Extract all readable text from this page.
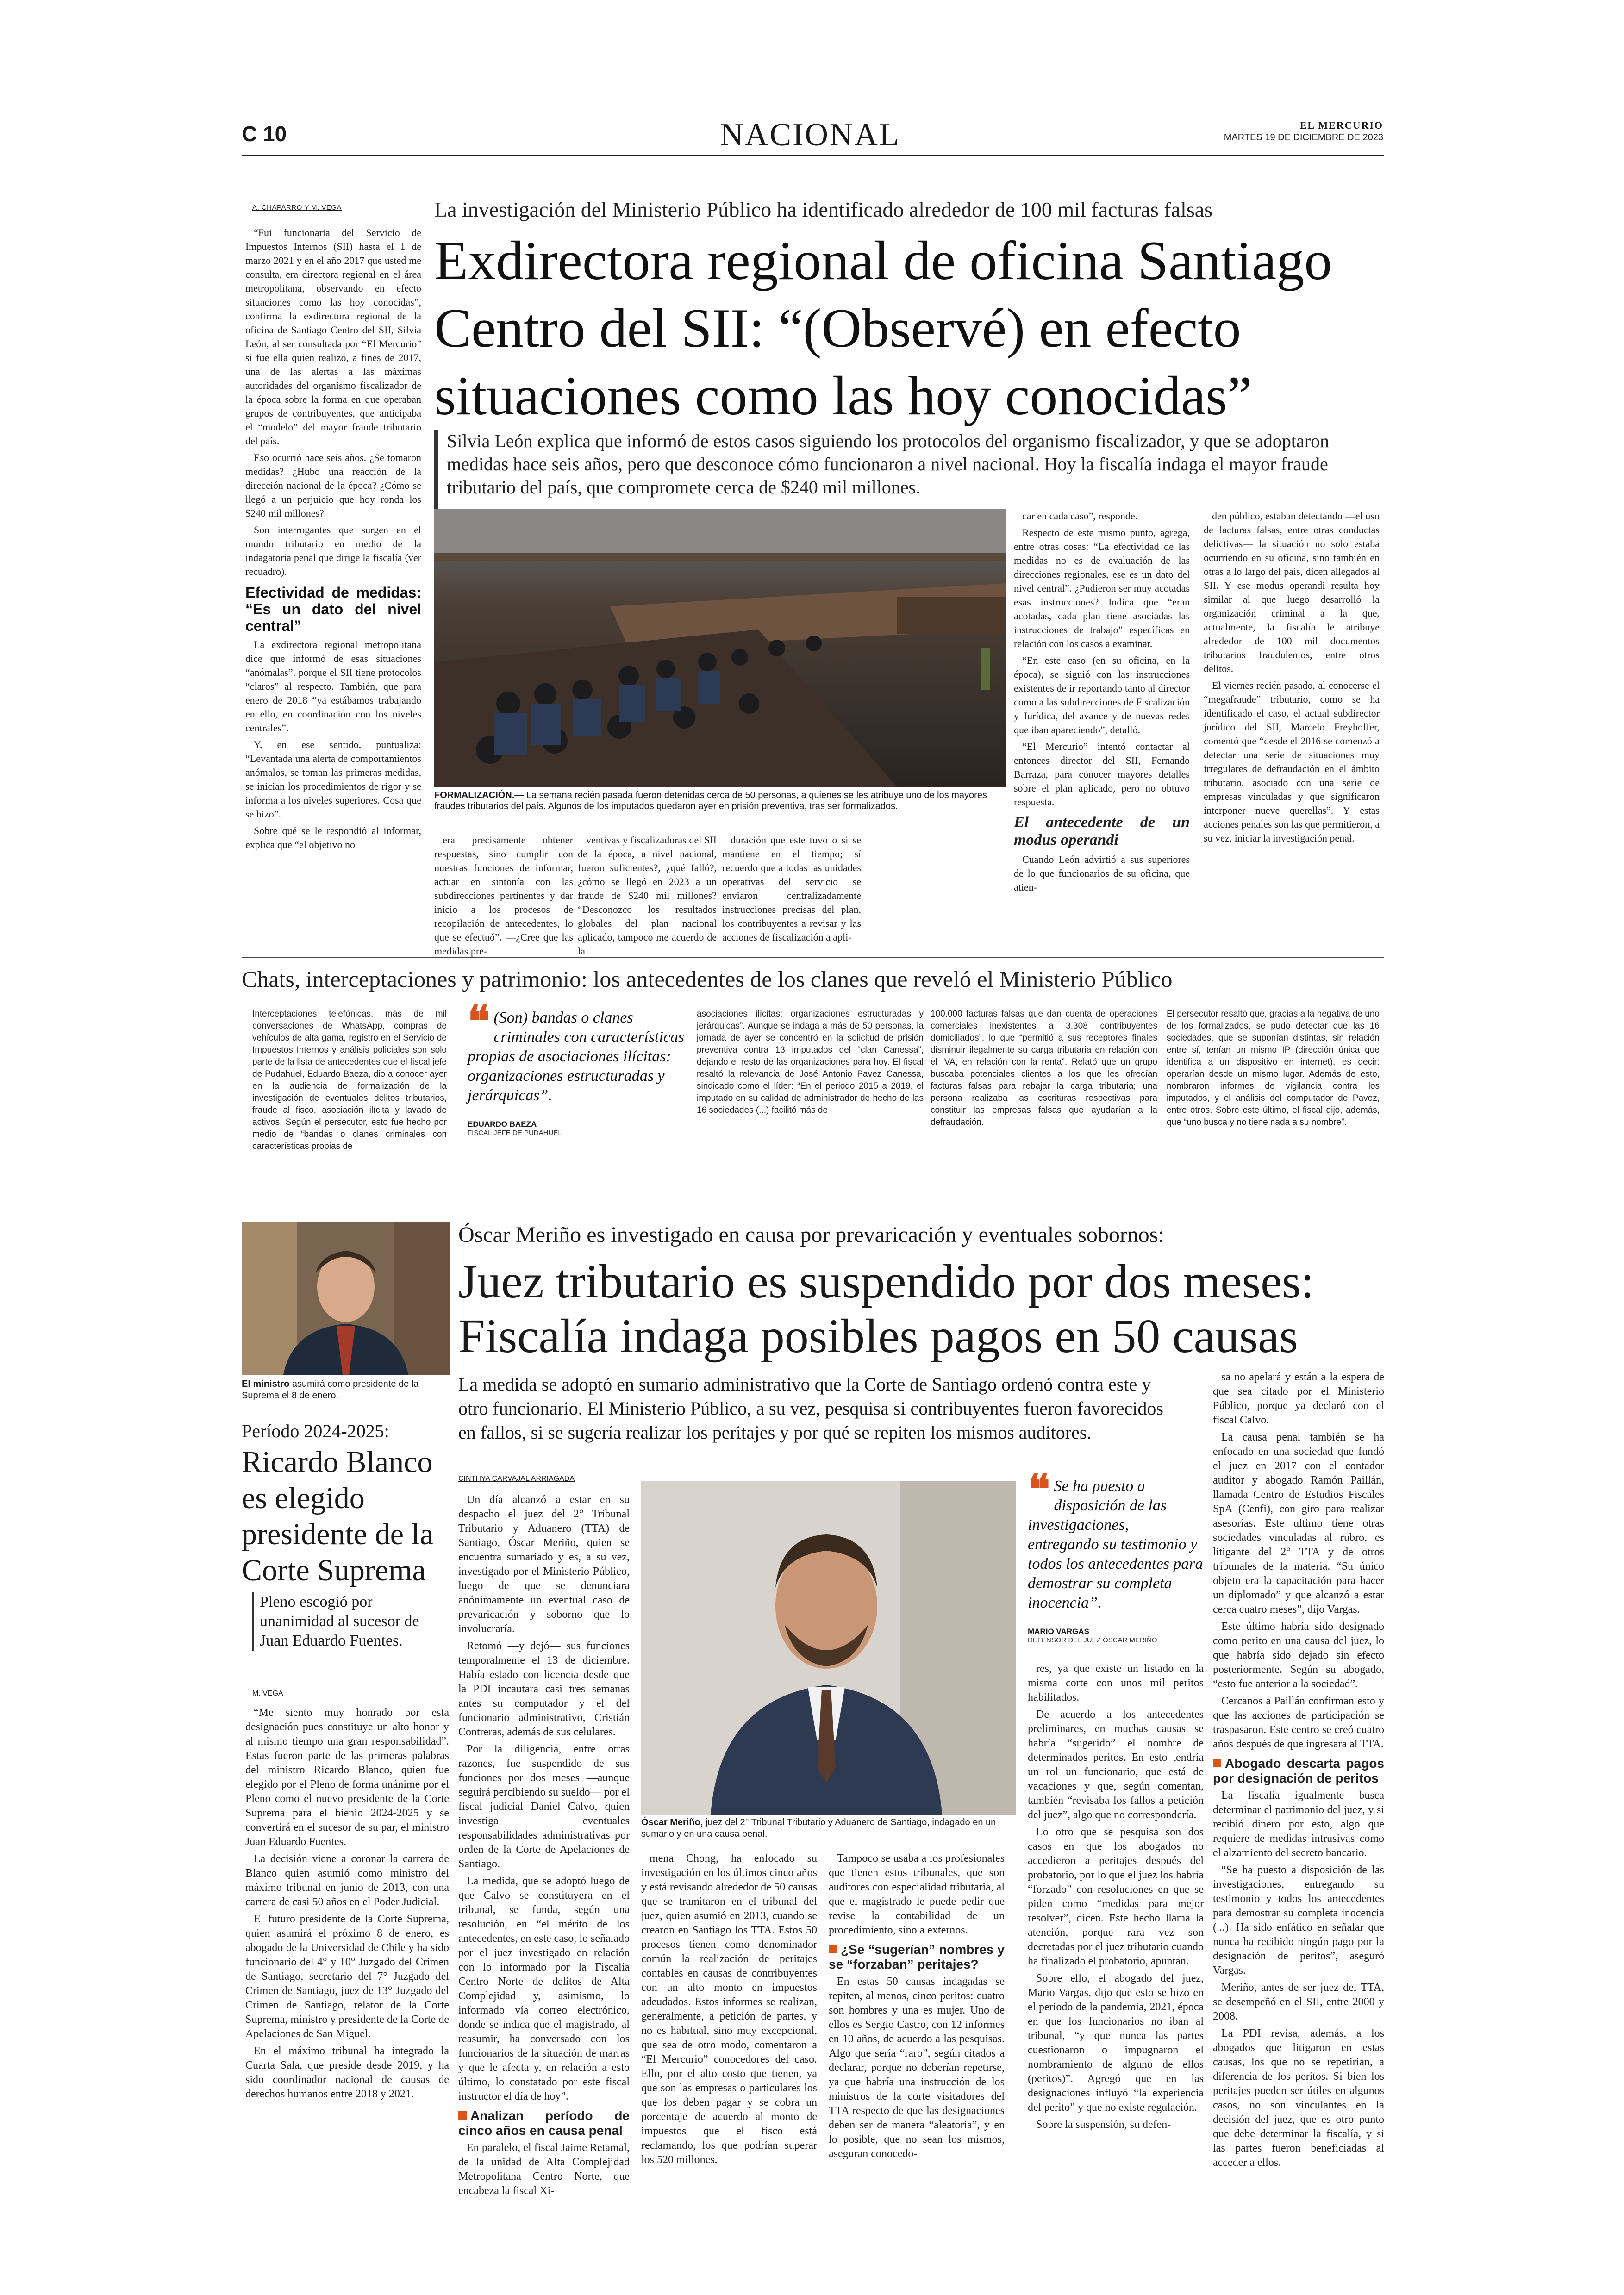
C 10	NACIONAL	EL MERCURIO
MARTES 19 DE DICIEMBRE DE 2023
A. CHAPARRO Y M. VEGA	La investigación del Ministerio Público ha identificado alrededor de 100 mil facturas falsas
Exdirectora regional de oficina Santiago Centro del SII: “(Observé) en efecto situaciones como las hoy conocidas”
Silvia León explica que informó de estos casos siguiendo los protocolos del organismo fiscalizador, y que se adoptaron medidas hace seis años, pero que desconoce cómo funcionaron a nivel nacional. Hoy la fiscalía indaga el mayor fraude tributario del país, que compromete cerca de $240 mil millones.

“Fui funcionaria del Servicio de Impuestos Internos (SII) hasta el 1 de marzo 2021 y en el año 2017 que usted me consulta, era directora regional en el área metropolitana, observando en efecto situaciones como las hoy conocidas”, confirma la exdirectora regional de la oficina de Santiago Centro del SII, Silvia León, al ser consultada por “El Mercurio” si fue ella quien realizó, a fines de 2017, una de las alertas a las máximas autoridades del organismo fiscalizador de la época sobre la forma en que operaban grupos de contribuyentes, que anticipaba el “modelo” del mayor fraude tributario del país.

Eso ocurrió hace seis años. ¿Se tomaron medidas? ¿Hubo una reacción de la dirección nacional de la época? ¿Cómo se llegó a un perjuicio que hoy ronda los $240 mil millones?

Son interrogantes que surgen en el mundo tributario en medio de la indagatoria penal que dirige la fiscalía (ver recuadro).

Efectividad de medidas: “Es un dato del nivel central”

La exdirectora regional metropolitana dice que informó de esas situaciones “anómalas”, porque el SII tiene protocolos “claros” al respecto. También, que para enero de 2018 “ya estábamos trabajando en ello, en coordinación con los niveles centrales”.

Y, en ese sentido, puntualiza: “Levantada una alerta de comportamientos anómalos, se toman las primeras medidas, se inician los procedimientos de rigor y se informa a los niveles superiores. Cosa que se hizo”.

Sobre qué se le respondió al informar, explica que “el objetivo no

FORMALIZACIÓN.— La semana recién pasada fueron detenidas cerca de 50 personas, a quienes se les atribuye uno de los mayores fraudes tributarios del país. Algunos de los imputados quedaron ayer en prisión preventiva, tras ser formalizados.

era precisamente obtener respuestas, sino cumplir con nuestras funciones de informar, actuar en sintonía con las subdirecciones pertinentes y dar inicio a los procesos de recopilación de antecedentes, lo que se efectuó”. —¿Cree que las medidas pre-

ventivas y fiscalizadoras del SII de la época, a nivel nacional, fueron suficientes?, ¿qué falló?, ¿cómo se llegó en 2023 a un fraude de $240 mil millones? “Desconozco los resultados globales del plan nacional aplicado, tampoco me acuerdo de la

duración que este tuvo o si se mantiene en el tiempo; sí recuerdo que a todas las unidades operativas del servicio se enviaron centralizadamente instrucciones precisas del plan, los contribuyentes a revisar y las acciones de fiscalización a apli-

car en cada caso”, responde.

Respecto de este mismo punto, agrega, entre otras cosas: “La efectividad de las medidas no es de evaluación de las direcciones regionales, ese es un dato del nivel central”. ¿Pudieron ser muy acotadas esas instrucciones? Indica que “eran acotadas, cada plan tiene asociadas las instrucciones de trabajo” específicas en relación con los casos a examinar.

“En este caso (en su oficina, en la época), se siguió con las instrucciones existentes de ir reportando tanto al director como a las subdirecciones de Fiscalización y Jurídica, del avance y de nuevas redes que iban apareciendo”, detalló.

“El Mercurio” intentó contactar al entonces director del SII, Fernando Barraza, para conocer mayores detalles sobre el plan aplicado, pero no obtuvo respuesta.

El antecedente de un modus operandi

Cuando León advirtió a sus superiores de lo que funcionarios de su oficina, que atien-

den público, estaban detectando —el uso de facturas falsas, entre otras conductas delictivas— la situación no solo estaba ocurriendo en su oficina, sino también en otras a lo largo del país, dicen allegados al SII. Y ese modus operandi resulta hoy similar al que luego desarrolló la organización criminal a la que, actualmente, la fiscalía le atribuye alrededor de 100 mil documentos tributarios fraudulentos, entre otros delitos.

El viernes recién pasado, al conocerse el “megafraude” tributario, como se ha identificado el caso, el actual subdirector jurídico del SII, Marcelo Freyhoffer, comentó que “desde el 2016 se comenzó a detectar una serie de situaciones muy irregulares de defraudación en el ámbito tributario, asociado con una serie de empresas vinculadas y que significaron interponer nueve querellas”. Y estas acciones penales son las que permitieron, a su vez, iniciar la investigación penal.

Chats, interceptaciones y patrimonio: los antecedentes de los clanes que reveló el Ministerio Público
Interceptaciones telefónicas, más de mil conversaciones de WhatsApp, compras de vehículos de alta gama, registro en el Servicio de Impuestos Internos y análisis policiales son solo parte de la lista de antecedentes que el fiscal jefe de Pudahuel, Eduardo Baeza, dio a conocer ayer en la audiencia de formalización de la investigación de eventuales delitos tributarios, fraude al fisco, asociación ilícita y lavado de activos. Según el persecutor, esto fue hecho por medio de “bandas o clanes criminales con características propias de
❝ (Son) bandas o clanes criminales con características propias de asociaciones ilícitas: organizaciones estructuradas y jerárquicas”.
EDUARDO BAEZA
FISCAL JEFE DE PUDAHUEL
asociaciones ilícitas: organizaciones estructuradas y jerárquicas”. Aunque se indaga a más de 50 personas, la jornada de ayer se concentró en la solicitud de prisión preventiva contra 13 imputados del “clan Canessa”, dejando el resto de las organizaciones para hoy. El fiscal resaltó la relevancia de José Antonio Pavez Canessa, sindicado como el líder: “En el periodo 2015 a 2019, el imputado en su calidad de administrador de hecho de las 16 sociedades (...) facilitó más de
100.000 facturas falsas que dan cuenta de operaciones comerciales inexistentes a 3.308 contribuyentes domiciliados”, lo que “permitió a sus receptores finales disminuir ilegalmente su carga tributaria en relación con el IVA, en relación con la renta”. Relató que un grupo buscaba potenciales clientes a los que les ofrecían facturas falsas para rebajar la carga tributaria; una persona realizaba las escrituras respectivas para constituir las empresas falsas que ayudarían a la defraudación.
El persecutor resaltó que, gracias a la negativa de uno de los formalizados, se pudo detectar que las 16 sociedades, que se suponían distintas, sin relación entre sí, tenían un mismo IP (dirección única que identifica a un dispositivo en internet), es decir: operarían desde un mismo lugar. Además de esto, nombraron informes de vigilancia contra los imputados, y el análisis del computador de Pavez, entre otros. Sobre este último, el fiscal dijo, además, que “uno busca y no tiene nada a su nombre”.
El ministro asumirá como presidente de la Suprema el 8 de enero.
Período 2024-2025:
Ricardo Blanco es elegido presidente de la Corte Suprema
Pleno escogió por unanimidad al sucesor de Juan Eduardo Fuentes.
M. VEGA

“Me siento muy honrado por esta designación pues constituye un alto honor y al mismo tiempo una gran responsabilidad”. Estas fueron parte de las primeras palabras del ministro Ricardo Blanco, quien fue elegido por el Pleno de forma unánime por el Pleno como el nuevo presidente de la Corte Suprema para el bienio 2024-2025 y se convertirá en el sucesor de su par, el ministro Juan Eduardo Fuentes.

La decisión viene a coronar la carrera de Blanco quien asumió como ministro del máximo tribunal en junio de 2013, con una carrera de casi 50 años en el Poder Judicial.

El futuro presidente de la Corte Suprema, quien asumirá el próximo 8 de enero, es abogado de la Universidad de Chile y ha sido funcionario del 4° y 10° Juzgado del Crimen de Santiago, secretario del 7° Juzgado del Crimen de Santiago, juez de 13° Juzgado del Crimen de Santiago, relator de la Corte Suprema, ministro y presidente de la Corte de Apelaciones de San Miguel.

En el máximo tribunal ha integrado la Cuarta Sala, que preside desde 2019, y ha sido coordinador nacional de causas de derechos humanos entre 2018 y 2021.

Óscar Meriño es investigado en causa por prevaricación y eventuales sobornos:
Juez tributario es suspendido por dos meses: Fiscalía indaga posibles pagos en 50 causas
La medida se adoptó en sumario administrativo que la Corte de Santiago ordenó contra este y otro funcionario. El Ministerio Público, a su vez, pesquisa si contribuyentes fueron favorecidos en fallos, si se sugería realizar los peritajes y por qué se repiten los mismos auditores.
CINTHYA CARVAJAL ARRIAGADA

Un día alcanzó a estar en su despacho el juez del 2° Tribunal Tributario y Aduanero (TTA) de Santiago, Óscar Meriño, quien se encuentra sumariado y es, a su vez, investigado por el Ministerio Público, luego de que se denunciara anónimamente un eventual caso de prevaricación y soborno que lo involucraría.

Retomó —y dejó— sus funciones temporalmente el 13 de diciembre. Había estado con licencia desde que la PDI incautara casi tres semanas antes su computador y el del funcionario administrativo, Cristián Contreras, además de sus celulares.

Por la diligencia, entre otras razones, fue suspendido de sus funciones por dos meses —aunque seguirá percibiendo su sueldo— por el fiscal judicial Daniel Calvo, quien investiga eventuales responsabilidades administrativas por orden de la Corte de Apelaciones de Santiago.

La medida, que se adoptó luego de que Calvo se constituyera en el tribunal, se funda, según una resolución, en “el mérito de los antecedentes, en este caso, lo señalado por el juez investigado en relación con lo informado por la Fiscalía Centro Norte de delitos de Alta Complejidad y, asimismo, lo informado vía correo electrónico, donde se indica que el magistrado, al reasumir, ha conversado con los funcionarios de la situación de marras y que le afecta y, en relación a esto último, lo constatado por este fiscal instructor el día de hoy”.

Analizan período de cinco años en causa penal

En paralelo, el fiscal Jaime Retamal, de la unidad de Alta Complejidad Metropolitana Centro Norte, que encabeza la fiscal Xi-

Óscar Meriño, juez del 2° Tribunal Tributario y Aduanero de Santiago, indagado en un sumario y en una causa penal.

mena Chong, ha enfocado su investigación en los últimos cinco años y está revisando alrededor de 50 causas que se tramitaron en el tribunal del juez, quien asumió en 2013, cuando se crearon en Santiago los TTA. Estos 50 procesos tienen como denominador común la realización de peritajes contables en causas de contribuyentes con un alto monto en impuestos adeudados. Estos informes se realizan, generalmente, a petición de partes, y no es habitual, sino muy excepcional, que sea de otro modo, comentaron a “El Mercurio” conocedores del caso. Ello, por el alto costo que tienen, ya que son las empresas o particulares los que los deben pagar y se cobra un porcentaje de acuerdo al monto de impuestos que el fisco está reclamando, los que podrían superar los 520 millones.

Tampoco se usaba a los profesionales que tienen estos tribunales, que son auditores con especialidad tributaria, al que el magistrado le puede pedir que revise la contabilidad de un procedimiento, sino a externos.

¿Se “sugerían” nombres y se “forzaban” peritajes?

En estas 50 causas indagadas se repiten, al menos, cinco peritos: cuatro son hombres y una es mujer. Uno de ellos es Sergio Castro, con 12 informes en 10 años, de acuerdo a las pesquisas. Algo que sería “raro”, según citados a declarar, porque no deberían repetirse, ya que habría una instrucción de los ministros de la corte visitadores del TTA respecto de que las designaciones deben ser de manera “aleatoria”, y en lo posible, que no sean los mismos, aseguran conocedo-

❝ Se ha puesto a disposición de las investigaciones, entregando su testimonio y todos los antecedentes para demostrar su completa inocencia”.
MARIO VARGAS
DEFENSOR DEL JUEZ ÓSCAR MERIÑO

res, ya que existe un listado en la misma corte con unos mil peritos habilitados.

De acuerdo a los antecedentes preliminares, en muchas causas se habría “sugerido” el nombre de determinados peritos. En esto tendría un rol un funcionario, que está de vacaciones y que, según comentan, también “revisaba los fallos a petición del juez”, algo que no correspondería.

Lo otro que se pesquisa son dos casos en que los abogados no accedieron a peritajes después del probatorio, por lo que el juez los habría “forzado” con resoluciones en que se piden como “medidas para mejor resolver”, dicen. Este hecho llama la atención, porque rara vez son decretadas por el juez tributario cuando ha finalizado el probatorio, apuntan.

Sobre ello, el abogado del juez, Mario Vargas, dijo que esto se hizo en el periodo de la pandemia, 2021, época en que los funcionarios no iban al tribunal, “y que nunca las partes cuestionaron o impugnaron el nombramiento de alguno de ellos (peritos)”. Agregó que en las designaciones influyó “la experiencia del perito” y que no existe regulación.

Sobre la suspensión, su defen-

sa no apelará y están a la espera de que sea citado por el Ministerio Público, porque ya declaró con el fiscal Calvo.

La causa penal también se ha enfocado en una sociedad que fundó el juez en 2017 con el contador auditor y abogado Ramón Paillán, llamada Centro de Estudios Fiscales SpA (Cenfi), con giro para realizar asesorías. Este ultimo tiene otras sociedades vinculadas al rubro, es litigante del 2° TTA y de otros tribunales de la materia. “Su único objeto era la capacitación para hacer un diplomado” y que alcanzó a estar cerca cuatro meses”, dijo Vargas.

Este último habría sido designado como perito en una causa del juez, lo que habría sido dejado sin efecto posteriormente. Según su abogado, “esto fue anterior a la sociedad”.

Cercanos a Paillán confirman esto y que las acciones de participación se traspasaron. Este centro se creó cuatro años después de que ingresara al TTA.

Abogado descarta pagos por designación de peritos

La fiscalía igualmente busca determinar el patrimonio del juez, y si recibió dinero por esto, algo que requiere de medidas intrusivas como el alzamiento del secreto bancario.

“Se ha puesto a disposición de las investigaciones, entregando su testimonio y todos los antecedentes para demostrar su completa inocencia (...). Ha sido enfático en señalar que nunca ha recibido ningún pago por la designación de peritos”, aseguró Vargas.

Meriño, antes de ser juez del TTA, se desempeñó en el SII, entre 2000 y 2008.

La PDI revisa, además, a los abogados que litigaron en estas causas, los que no se repetirían, a diferencia de los peritos. Si bien los peritajes pueden ser útiles en algunos casos, no son vinculantes en la decisión del juez, que es otro punto que debe determinar la fiscalía, y si las partes fueron beneficiadas al acceder a ellos.
